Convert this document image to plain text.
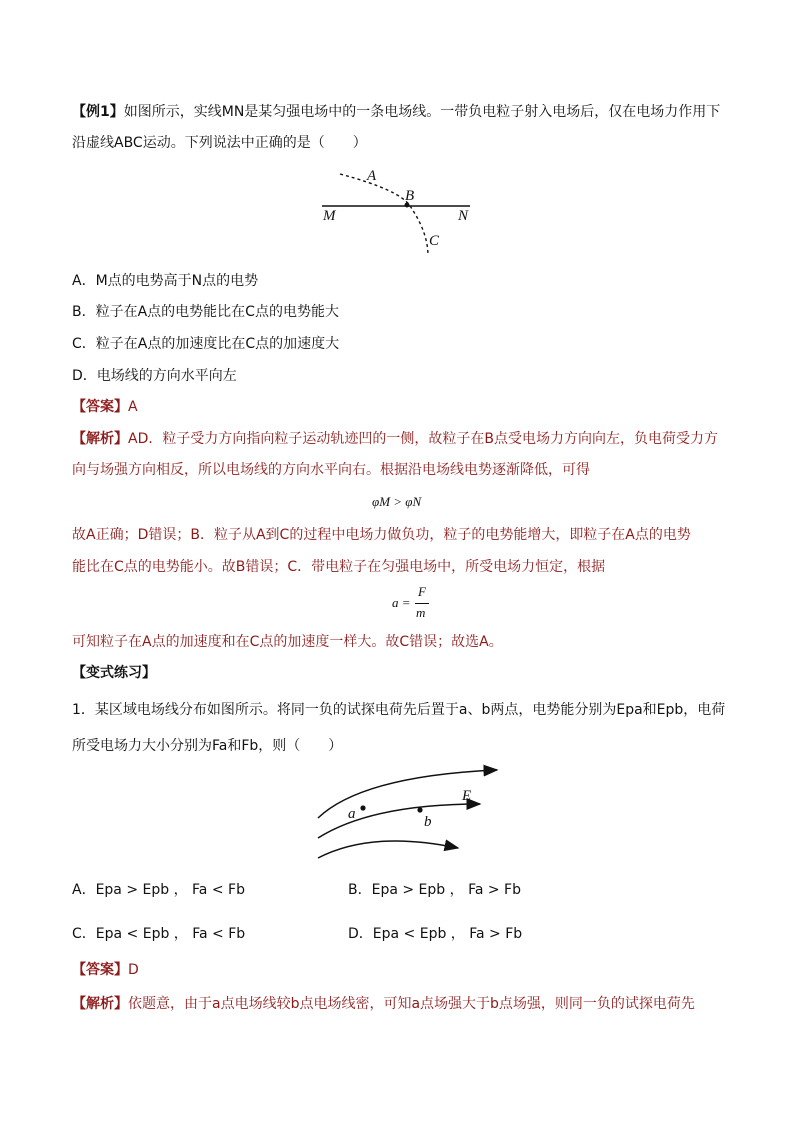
【例1】如图所示，实线MN是某匀强电场中的一条电场线。一带负电粒子射入电场后，仅在电场力作用下
沿虚线ABC运动。下列说法中正确的是（　　）
A
B
M	N
C
A．M点的电势高于N点的电势
B．粒子在A点的电势能比在C点的电势能大
C．粒子在A点的加速度比在C点的加速度大
D．电场线的方向水平向左
【答案】A
【解析】AD．粒子受力方向指向粒子运动轨迹凹的一侧，故粒子在B点受电场力方向向左，负电荷受力方
向与场强方向相反，所以电场线的方向水平向右。根据沿电场线电势逐渐降低，可得
φM > φN
故A正确；D错误；B．粒子从A到C的过程中电场力做负功，粒子的电势能增大，即粒子在A点的电势
能比在C点的电势能小。故B错误；C．带电粒子在匀强电场中，所受电场力恒定，根据
a =
F
m
可知粒子在A点的加速度和在C点的加速度一样大。故C错误；故选A。
【变式练习】
1．某区域电场线分布如图所示。将同一负的试探电荷先后置于a、b两点，电势能分别为Epa和Epb，电荷
所受电场力大小分别为Fa和Fb，则（　　）
a	b
E
A．Epa > Epb ， Fa < Fb	B．Epa > Epb ， Fa > Fb
C．Epa < Epb ， Fa < Fb	D．Epa < Epb ， Fa > Fb
【答案】D
【解析】依题意，由于a点电场线较b点电场线密，可知a点场强大于b点场强，则同一负的试探电荷先
